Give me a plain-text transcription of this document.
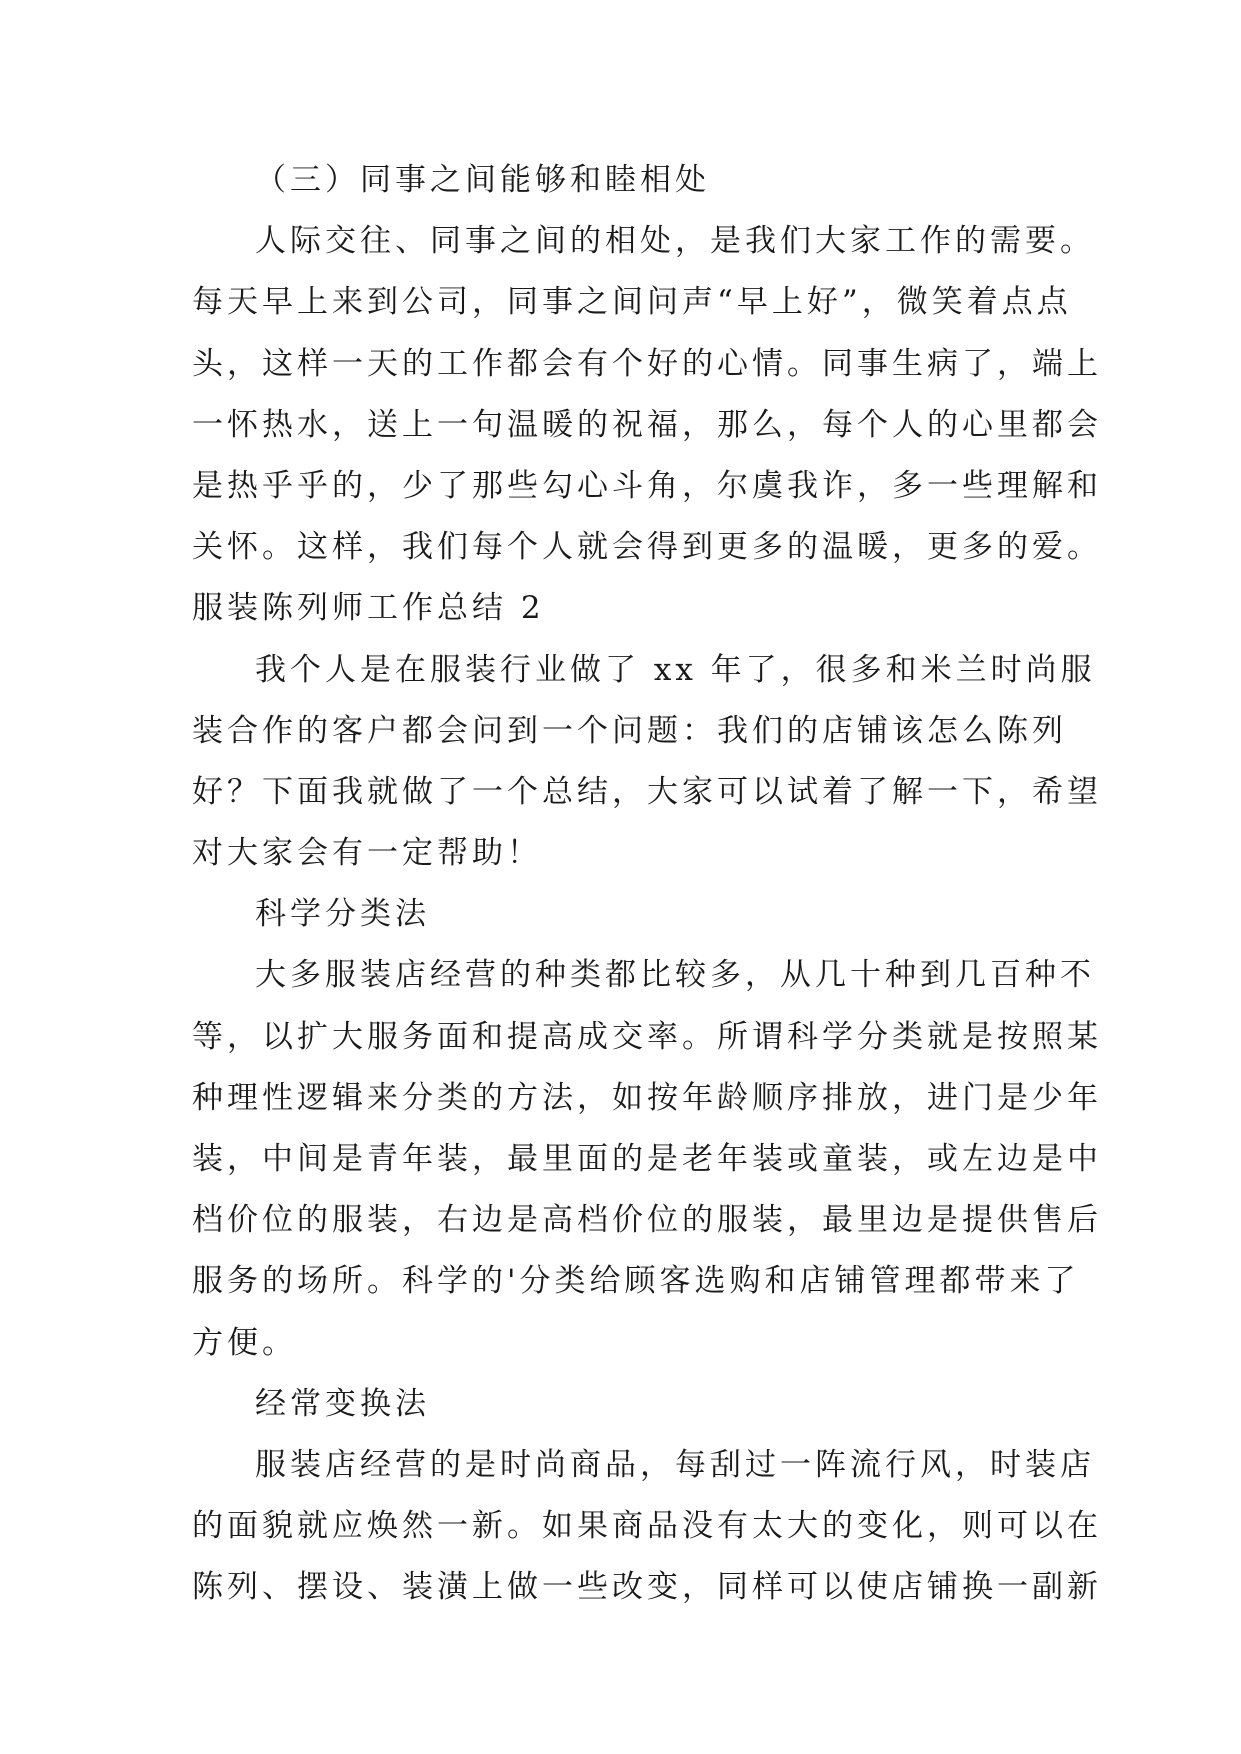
（三）同事之间能够和睦相处
人际交往、同事之间的相处，是我们大家工作的需要。
每天早上来到公司，同事之间问声“早上好”，微笑着点点
头，这样一天的工作都会有个好的心情。同事生病了，端上
一怀热水，送上一句温暖的祝福，那么，每个人的心里都会
是热乎乎的，少了那些勾心斗角，尔虞我诈，多一些理解和
关怀。这样，我们每个人就会得到更多的温暖，更多的爱。
服装陈列师工作总结 2
我个人是在服装行业做了 xx 年了，很多和米兰时尚服
装合作的客户都会问到一个问题：我们的店铺该怎么陈列
好？下面我就做了一个总结，大家可以试着了解一下，希望
对大家会有一定帮助！
科学分类法
大多服装店经营的种类都比较多，从几十种到几百种不
等，以扩大服务面和提高成交率。所谓科学分类就是按照某
种理性逻辑来分类的方法，如按年龄顺序排放，进门是少年
装，中间是青年装，最里面的是老年装或童装，或左边是中
档价位的服装，右边是高档价位的服装，最里边是提供售后
服务的场所。科学的'分类给顾客选购和店铺管理都带来了
方便。
经常变换法
服装店经营的是时尚商品，每刮过一阵流行风，时装店
的面貌就应焕然一新。如果商品没有太大的变化，则可以在
陈列、摆设、装潢上做一些改变，同样可以使店铺换一副新
